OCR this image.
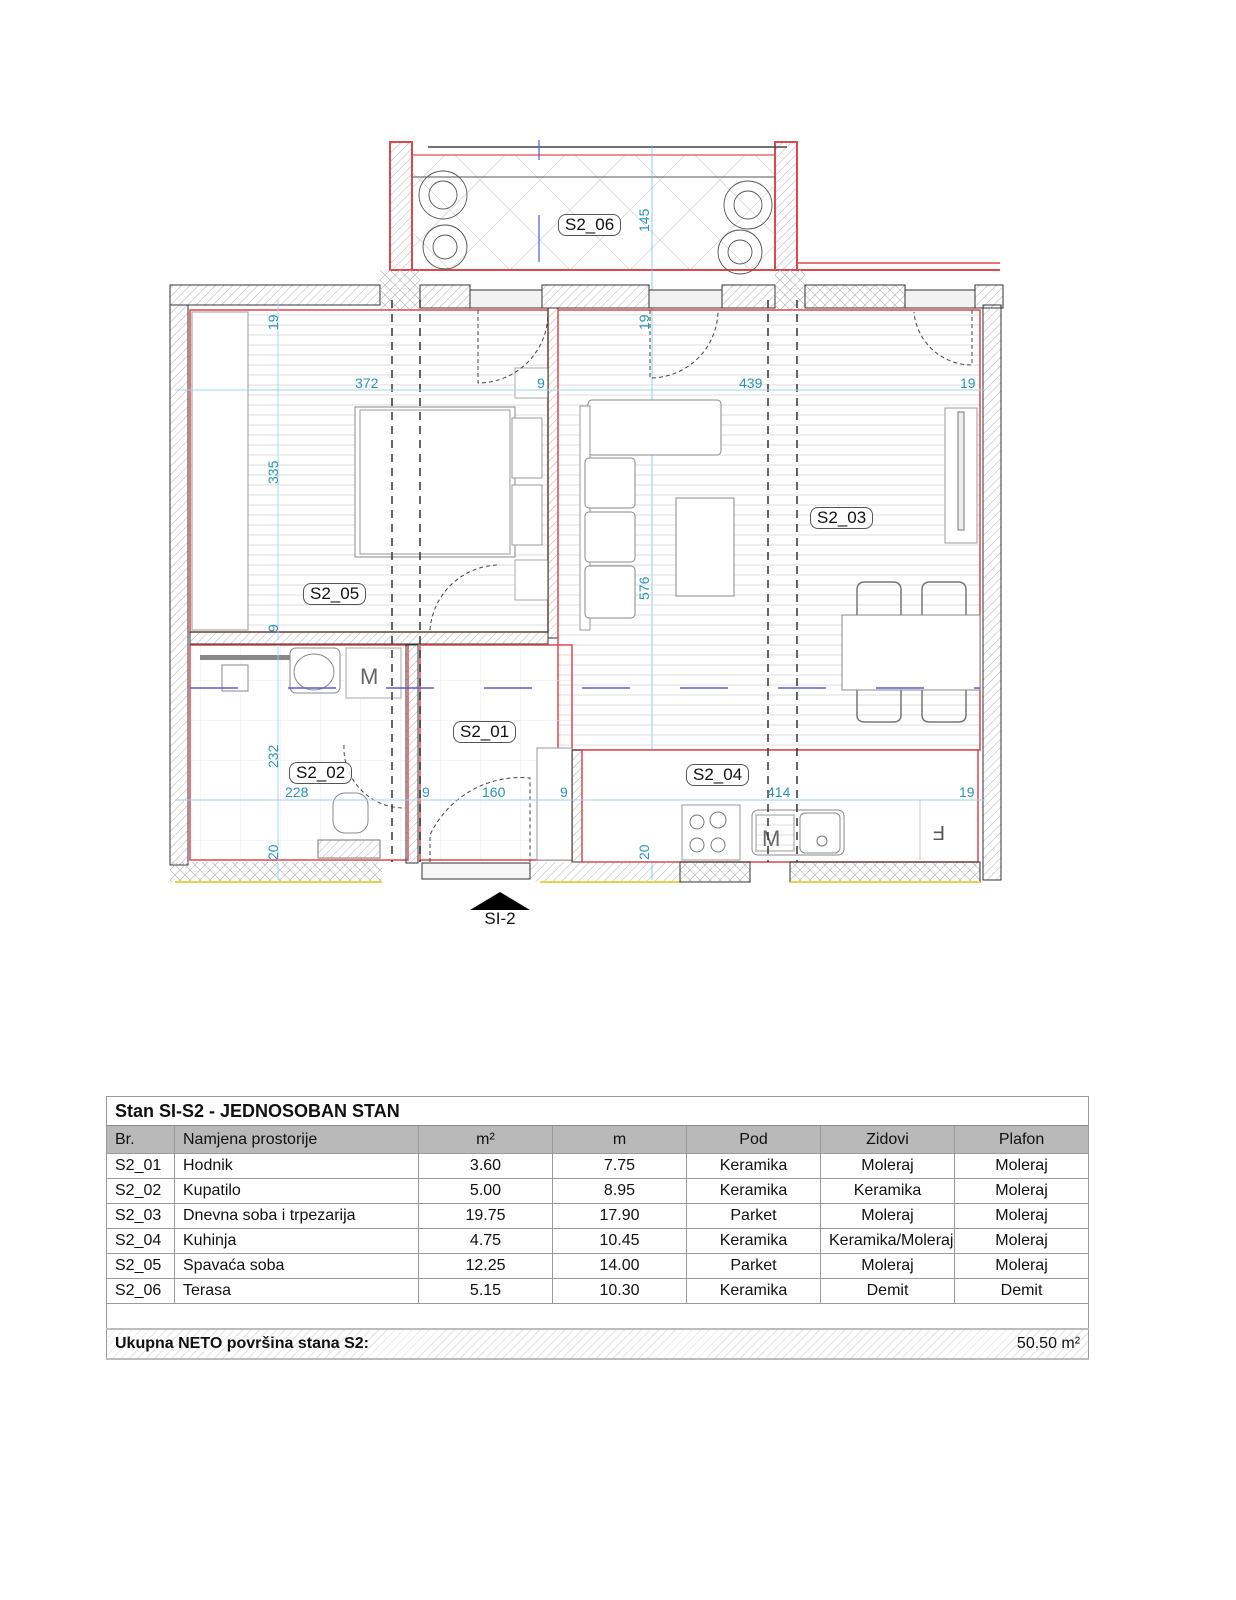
M
M	F
S2_06
S2_05
S2_03
S2_01
S2_02	S2_04
145
19
372	9
335
9
19
439	19
576
232
228
20
9	160	9	414	19
20
SI-2
Stan SI-S2 - JEDNOSOBAN STAN						
Br.	Namjena prostorije	m²	m	Pod	Zidovi	Plafon
S2_01	Hodnik	3.60	7.75	Keramika	Moleraj	Moleraj
S2_02	Kupatilo	5.00	8.95	Keramika	Keramika	Moleraj
S2_03	Dnevna soba i trpezarija	19.75	17.90	Parket	Moleraj	Moleraj
S2_04	Kuhinja	4.75	10.45	Keramika	Keramika/Moleraj	Moleraj
S2_05	Spavaća soba	12.25	14.00	Parket	Moleraj	Moleraj
S2_06	Terasa	5.15	10.30	Keramika	Demit	Demit

Ukupna NETO površina stana S2: 50.50 m²						
